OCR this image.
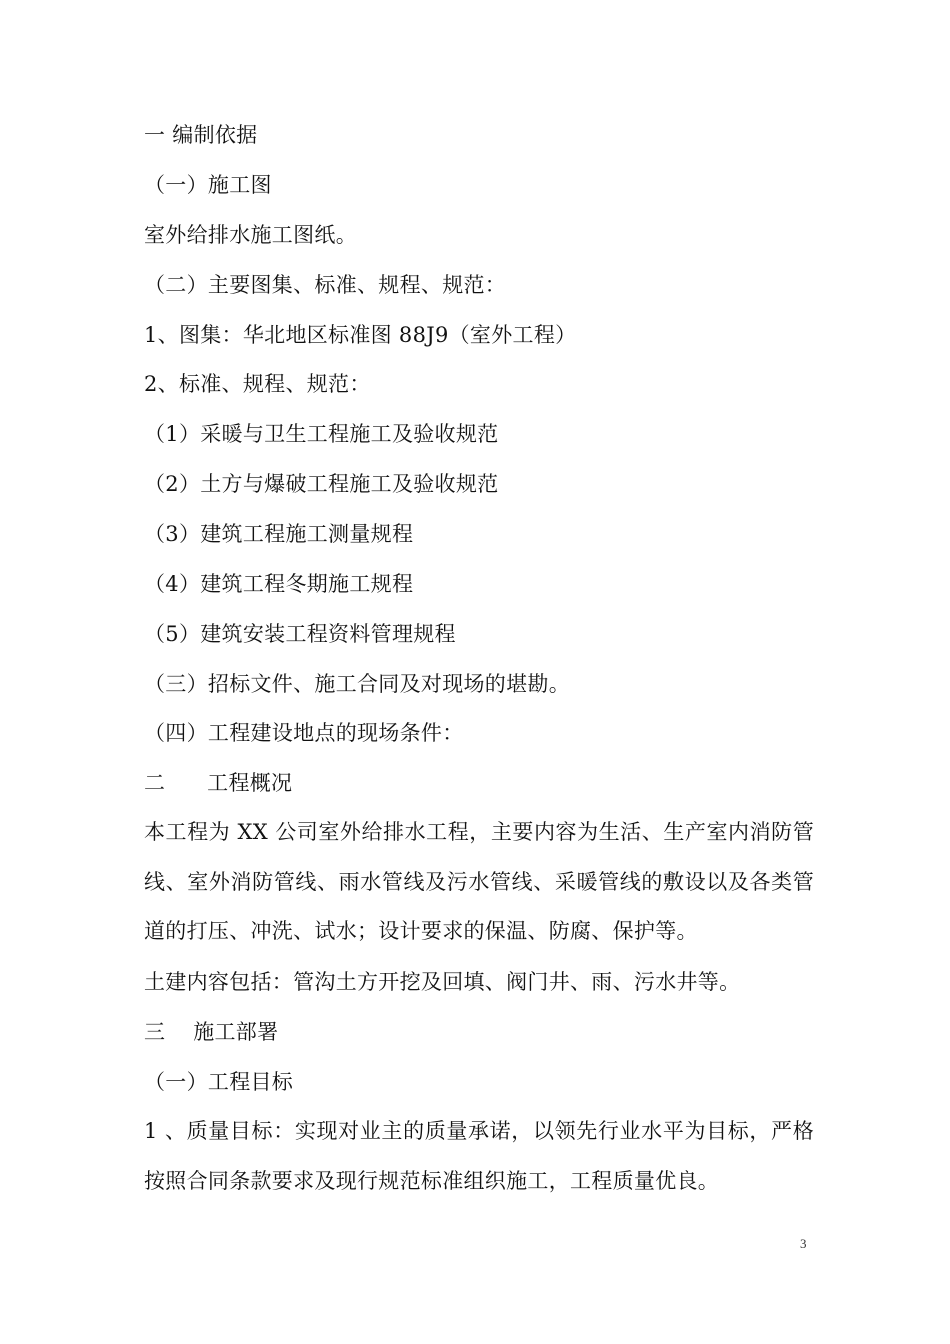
一 编制依据
（一）施工图
室外给排水施工图纸。
（二）主要图集、标准、规程、规范：
1、图集：华北地区标准图 88J9（室外工程）
2、标准、规程、规范：
（1）采暖与卫生工程施工及验收规范
（2）土方与爆破工程施工及验收规范
（3）建筑工程施工测量规程
（4）建筑工程冬期施工规程
（5）建筑安装工程资料管理规程
（三）招标文件、施工合同及对现场的堪勘。
（四）工程建设地点的现场条件：
二      工程概况
本工程为 XX 公司室外给排水工程，主要内容为生活、生产室内消防管线、室外消防管线、雨水管线及污水管线、采暖管线的敷设以及各类管道的打压、冲洗、试水；设计要求的保温、防腐、保护等。
土建内容包括：管沟土方开挖及回填、阀门井、雨、污水井等。
三    施工部署
（一）工程目标
1 、质量目标：实现对业主的质量承诺，以领先行业水平为目标，严格按照合同条款要求及现行规范标准组织施工，工程质量优良。
3
